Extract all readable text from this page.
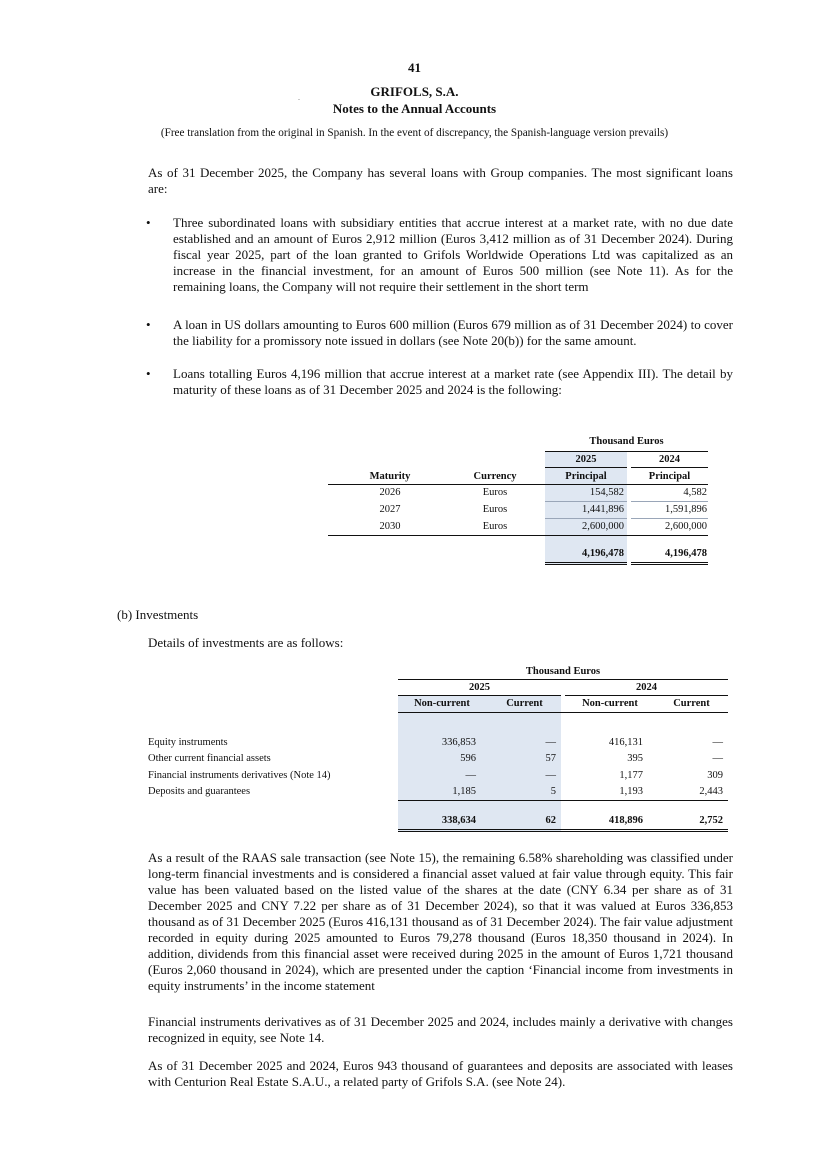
41
GRIFOLS, S.A.
.
Notes to the Annual Accounts
(Free translation from the original in Spanish. In the event of discrepancy, the Spanish-language version prevails)
As of 31 December 2025, the Company has several loans with Group companies. The most significant loans are:
• Three subordinated loans with subsidiary entities that accrue interest at a market rate, with no due date established and an amount of Euros 2,912 million (Euros 3,412 million as of 31 December 2024). During fiscal year 2025, part of the loan granted to Grifols Worldwide Operations Ltd was capitalized as an increase in the financial investment, for an amount of Euros 500 million (see Note 11). As for the remaining loans, the Company will not require their settlement in the short term
• A loan in US dollars amounting to Euros 600 million (Euros 679 million as of 31 December 2024) to cover the liability for a promissory note issued in dollars (see Note 20(b)) for the same amount.
• Loans totalling Euros 4,196 million that accrue interest at a market rate (see Appendix III). The detail by maturity of these loans as of 31 December 2025 and 2024 is the following:
Thousand Euros
2025	2024
Maturity	Currency	Principal	Principal
2026	Euros	154,582	4,582
2027	Euros	1,441,896	1,591,896
2030	Euros	2,600,000	2,600,000
4,196,478	4,196,478
(b) Investments
Details of investments are as follows:
Thousand Euros
2025	2024
Non-current	Current	Non-current	Current
Equity instruments	336,853	—	416,131	—
Other current financial assets	596	57	395	—
Financial instruments derivatives (Note 14)	—	—	1,177	309
Deposits and guarantees	1,185	5	1,193	2,443
338,634	62	418,896	2,752
As a result of the RAAS sale transaction (see Note 15), the remaining 6.58% shareholding was classified under long-term financial investments and is considered a financial asset valued at fair value through equity. This fair value has been valuated based on the listed value of the shares at the date (CNY 6.34 per share as of 31 December 2025 and CNY 7.22 per share as of 31 December 2024), so that it was valued at Euros 336,853 thousand as of 31 December 2025 (Euros 416,131 thousand as of 31 December 2024). The fair value adjustment recorded in equity during 2025 amounted to Euros 79,278 thousand (Euros 18,350 thousand in 2024). In addition, dividends from this financial asset were received during 2025 in the amount of Euros 1,721 thousand (Euros 2,060 thousand in 2024), which are presented under the caption ‘Financial income from investments in equity instruments’ in the income statement
Financial instruments derivatives as of 31 December 2025 and 2024, includes mainly a derivative with changes recognized in equity, see Note 14.
As of 31 December 2025 and 2024, Euros 943 thousand of guarantees and deposits are associated with leases with Centurion Real Estate S.A.U., a related party of Grifols S.A. (see Note 24).
